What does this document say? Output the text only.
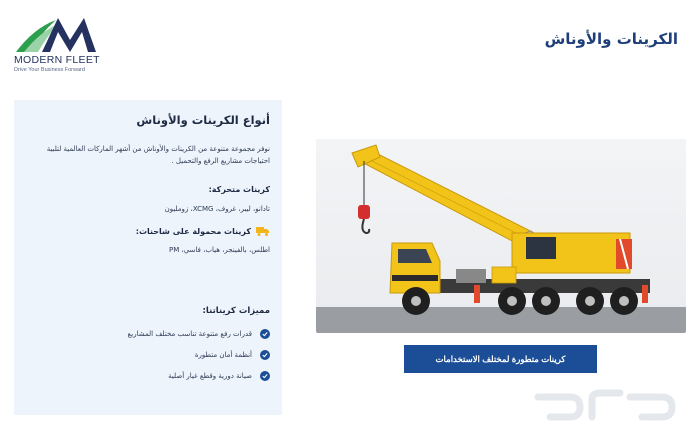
MODERN FLEET
Drive Your Business Forward
الكرينات والأوناش
أنواع الكرينات والأوناش
نوفر مجموعة متنوعة من الكرينات والأوناش من أشهر الماركات العالمية لتلبية احتياجات مشاريع الرفع والتحميل .
كرينات متحركة:
تادانو، ليبر، غروف، XCMG، زوملیون
كرينات محمولة على شاحنات:
اطلس، بالفينجر، هياب، فاسي، PM
مميزات كريناتنا:
قدرات رفع متنوعة تناسب مختلف المشاريع
أنظمة أمان متطورة
صيانة دورية وقطع غيار أصلية
كرينات متطورة لمختلف الاستخدامات
